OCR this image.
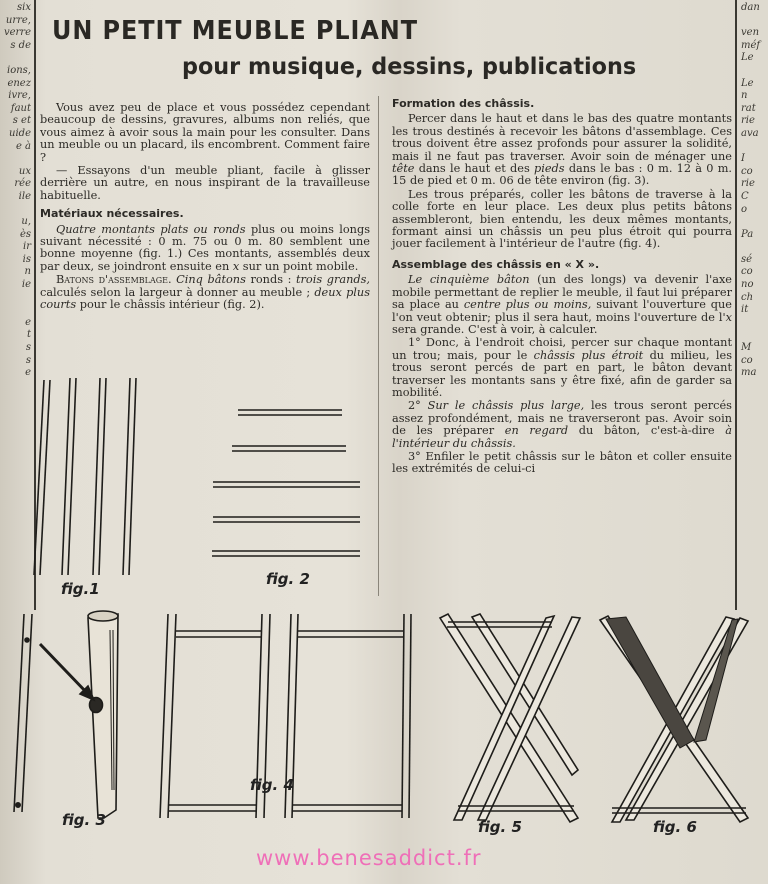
six
urre,
verre
s de
ions,
enez
ivre,
faut
s et
uide
e à
ux
rée
ile
u,
ès
ir
is
n
ie
e
t
s
s
e
dan
ven
méf
Le
Le
n
rat
rie
ava
I
co
rie
C
o
Pa
sé
co
no
ch
it
M
co
ma
UN PETIT MEUBLE PLIANT
pour musique, dessins, publications

Vous avez peu de place et vous possédez cependant beaucoup de dessins, gravures, albums non reliés, que vous aimez à avoir sous la main pour les consulter. Dans un meuble ou un placard, ils encombrent. Comment faire ?

— Essayons d'un meuble pliant, facile à glisser derrière un autre, en nous inspirant de la travailleuse habituelle.

Matériaux nécessaires.

Quatre montants plats ou ronds plus ou moins longs suivant nécessité : 0 m. 75 ou 0 m. 80 semblent une bonne moyenne (fig. 1.) Ces montants, assemblés deux par deux, se joindront ensuite en x sur un point mobile.

Batons d'assemblage. Cinq bâtons ronds : trois grands, calculés selon la largeur à donner au meuble ; deux plus courts pour le châssis intérieur (fig. 2).

Formation des châssis.

Percer dans le haut et dans le bas des quatre montants les trous destinés à recevoir les bâtons d'assemblage. Ces trous doivent être assez profonds pour assurer la solidité, mais il ne faut pas traverser. Avoir soin de ménager une tête dans le haut et des pieds dans le bas : 0 m. 12 à 0 m. 15 de pied et 0 m. 06 de tête environ (fig. 3).

Les trous préparés, coller les bâtons de traverse à la colle forte en leur place. Les deux plus petits bâtons assembleront, bien entendu, les deux mêmes montants, formant ainsi un châssis un peu plus étroit qui pourra jouer facilement à l'intérieur de l'autre (fig. 4).

Assemblage des châssis en « X ».

Le cinquième bâton (un des longs) va devenir l'axe mobile permettant de replier le meuble, il faut lui préparer sa place au centre plus ou moins, suivant l'ouverture que l'on veut obtenir; plus il sera haut, moins l'ouverture de l'x sera grande. C'est à voir, à calculer.

1° Donc, à l'endroit choisi, percer sur chaque montant un trou; mais, pour le châssis plus étroit du milieu, les trous seront percés de part en part, le bâton devant traverser les montants sans y être fixé, afin de garder sa mobilité.

2° Sur le châssis plus large, les trous seront percés assez profondément, mais ne traverseront pas. Avoir soin de les préparer en regard du bâton, c'est-à-dire à l'intérieur du châssis.

3° Enfiler le petit châssis sur le bâton et coller ensuite les extrémités de celui-ci

fig.1
fig. 2
fig. 3
fig. 4
fig. 5	fig. 6
www.benesaddict.fr
